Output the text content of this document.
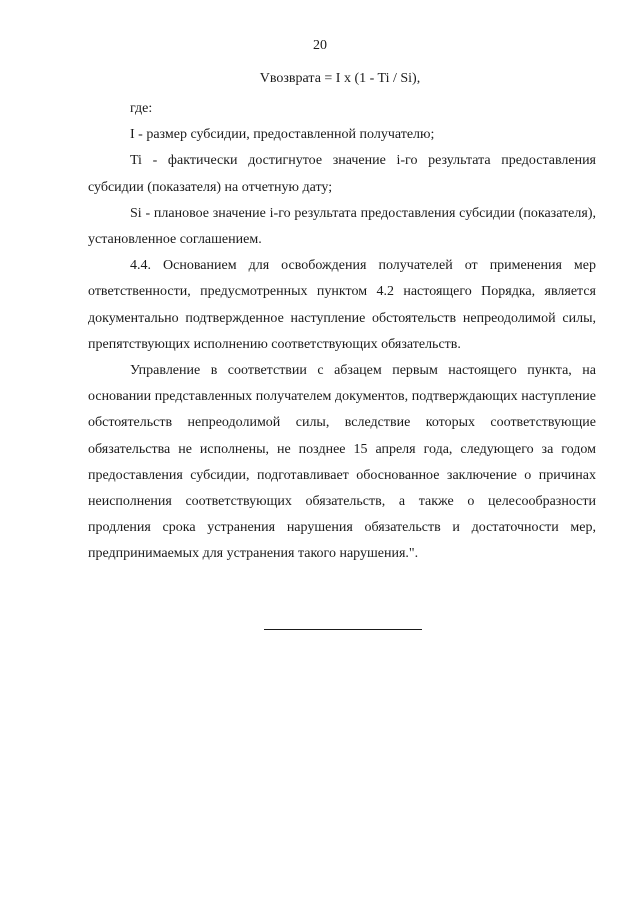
20
Vвозврата = I x (1 - Ti / Si),

где:

I - размер субсидии, предоставленной получателю;

Ti - фактически достигнутое значение i-го результата предоставления субсидии (показателя) на отчетную дату;

Si - плановое значение i-го результата предоставления субсидии (показателя), установленное соглашением.

4.4. Основанием для освобождения получателей от применения мер ответственности, предусмотренных пунктом 4.2 настоящего Порядка, является документально подтвержденное наступление обстоятельств непреодолимой силы, препятствующих исполнению соответствующих обязательств.

Управление в соответствии с абзацем первым настоящего пункта, на основании представленных получателем документов, подтверждающих наступление обстоятельств непреодолимой силы, вследствие которых соответствующие обязательства не исполнены, не позднее 15 апреля года, следующего за годом предоставления субсидии, подготавливает обоснованное заключение о причинах неисполнения соответствующих обязательств, а также о целесообразности продления срока устранения нарушения обязательств и достаточности мер, предпринимаемых для устранения такого нарушения.".
